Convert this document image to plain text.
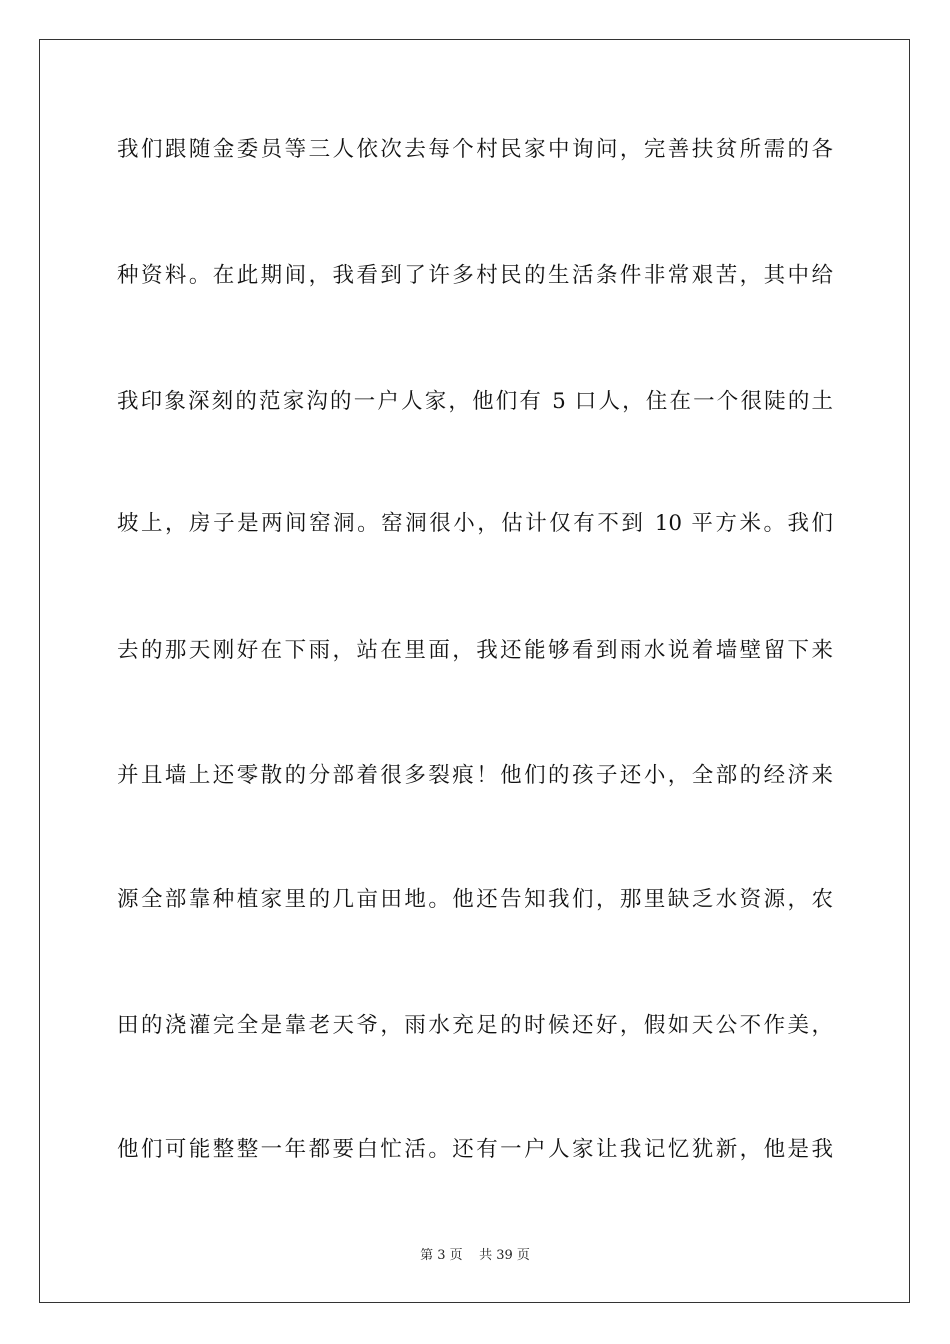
我们跟随金委员等三人依次去每个村民家中询问，完善扶贫所需的各
种资料。在此期间，我看到了许多村民的生活条件非常艰苦，其中给
我印象深刻的范家沟的一户人家，他们有 5 口人，住在一个很陡的土
坡上，房子是两间窑洞。窑洞很小，估计仅有不到 10 平方米。我们
去的那天刚好在下雨，站在里面，我还能够看到雨水说着墙壁留下来
并且墙上还零散的分部着很多裂痕！他们的孩子还小，全部的经济来
源全部靠种植家里的几亩田地。他还告知我们，那里缺乏水资源，农
田的浇灌完全是靠老天爷，雨水充足的时候还好，假如天公不作美，
他们可能整整一年都要白忙活。还有一户人家让我记忆犹新，他是我
第 3 页    共 39 页
